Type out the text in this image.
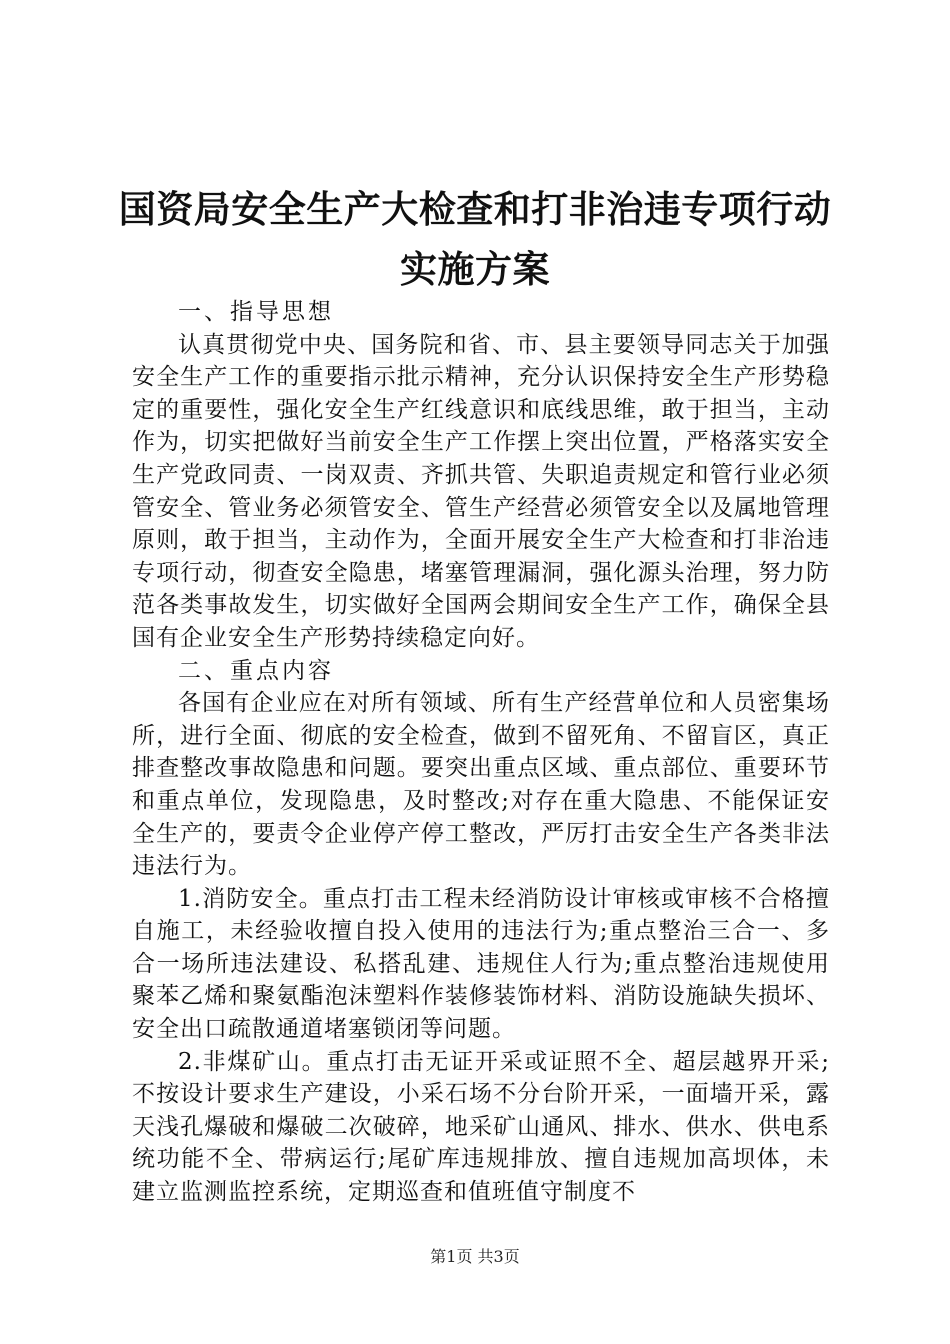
国资局安全生产大检查和打非治违专项行动实施方案

一、指导思想

认真贯彻党中央、国务院和省、市、县主要领导同志关于加强安全生产工作的重要指示批示精神，充分认识保持安全生产形势稳定的重要性，强化安全生产红线意识和底线思维，敢于担当，主动作为，切实把做好当前安全生产工作摆上突出位置，严格落实安全生产党政同责、一岗双责、齐抓共管、失职追责规定和管行业必须管安全、管业务必须管安全、管生产经营必须管安全以及属地管理原则，敢于担当，主动作为，全面开展安全生产大检查和打非治违专项行动，彻查安全隐患，堵塞管理漏洞，强化源头治理，努力防范各类事故发生，切实做好全国两会期间安全生产工作，确保全县国有企业安全生产形势持续稳定向好。

二、重点内容

各国有企业应在对所有领域、所有生产经营单位和人员密集场所，进行全面、彻底的安全检查，做到不留死角、不留盲区，真正排查整改事故隐患和问题。要突出重点区域、重点部位、重要环节和重点单位，发现隐患，及时整改;对存在重大隐患、不能保证安全生产的，要责令企业停产停工整改，严厉打击安全生产各类非法违法行为。

1.消防安全。重点打击工程未经消防设计审核或审核不合格擅自施工，未经验收擅自投入使用的违法行为;重点整治三合一、多合一场所违法建设、私搭乱建、违规住人行为;重点整治违规使用聚苯乙烯和聚氨酯泡沫塑料作装修装饰材料、消防设施缺失损坏、安全出口疏散通道堵塞锁闭等问题。

2.非煤矿山。重点打击无证开采或证照不全、超层越界开采;不按设计要求生产建设，小采石场不分台阶开采，一面墙开采，露天浅孔爆破和爆破二次破碎，地采矿山通风、排水、供水、供电系统功能不全、带病运行;尾矿库违规排放、擅自违规加高坝体，未建立监测监控系统，定期巡查和值班值守制度不

第1页 共3页
